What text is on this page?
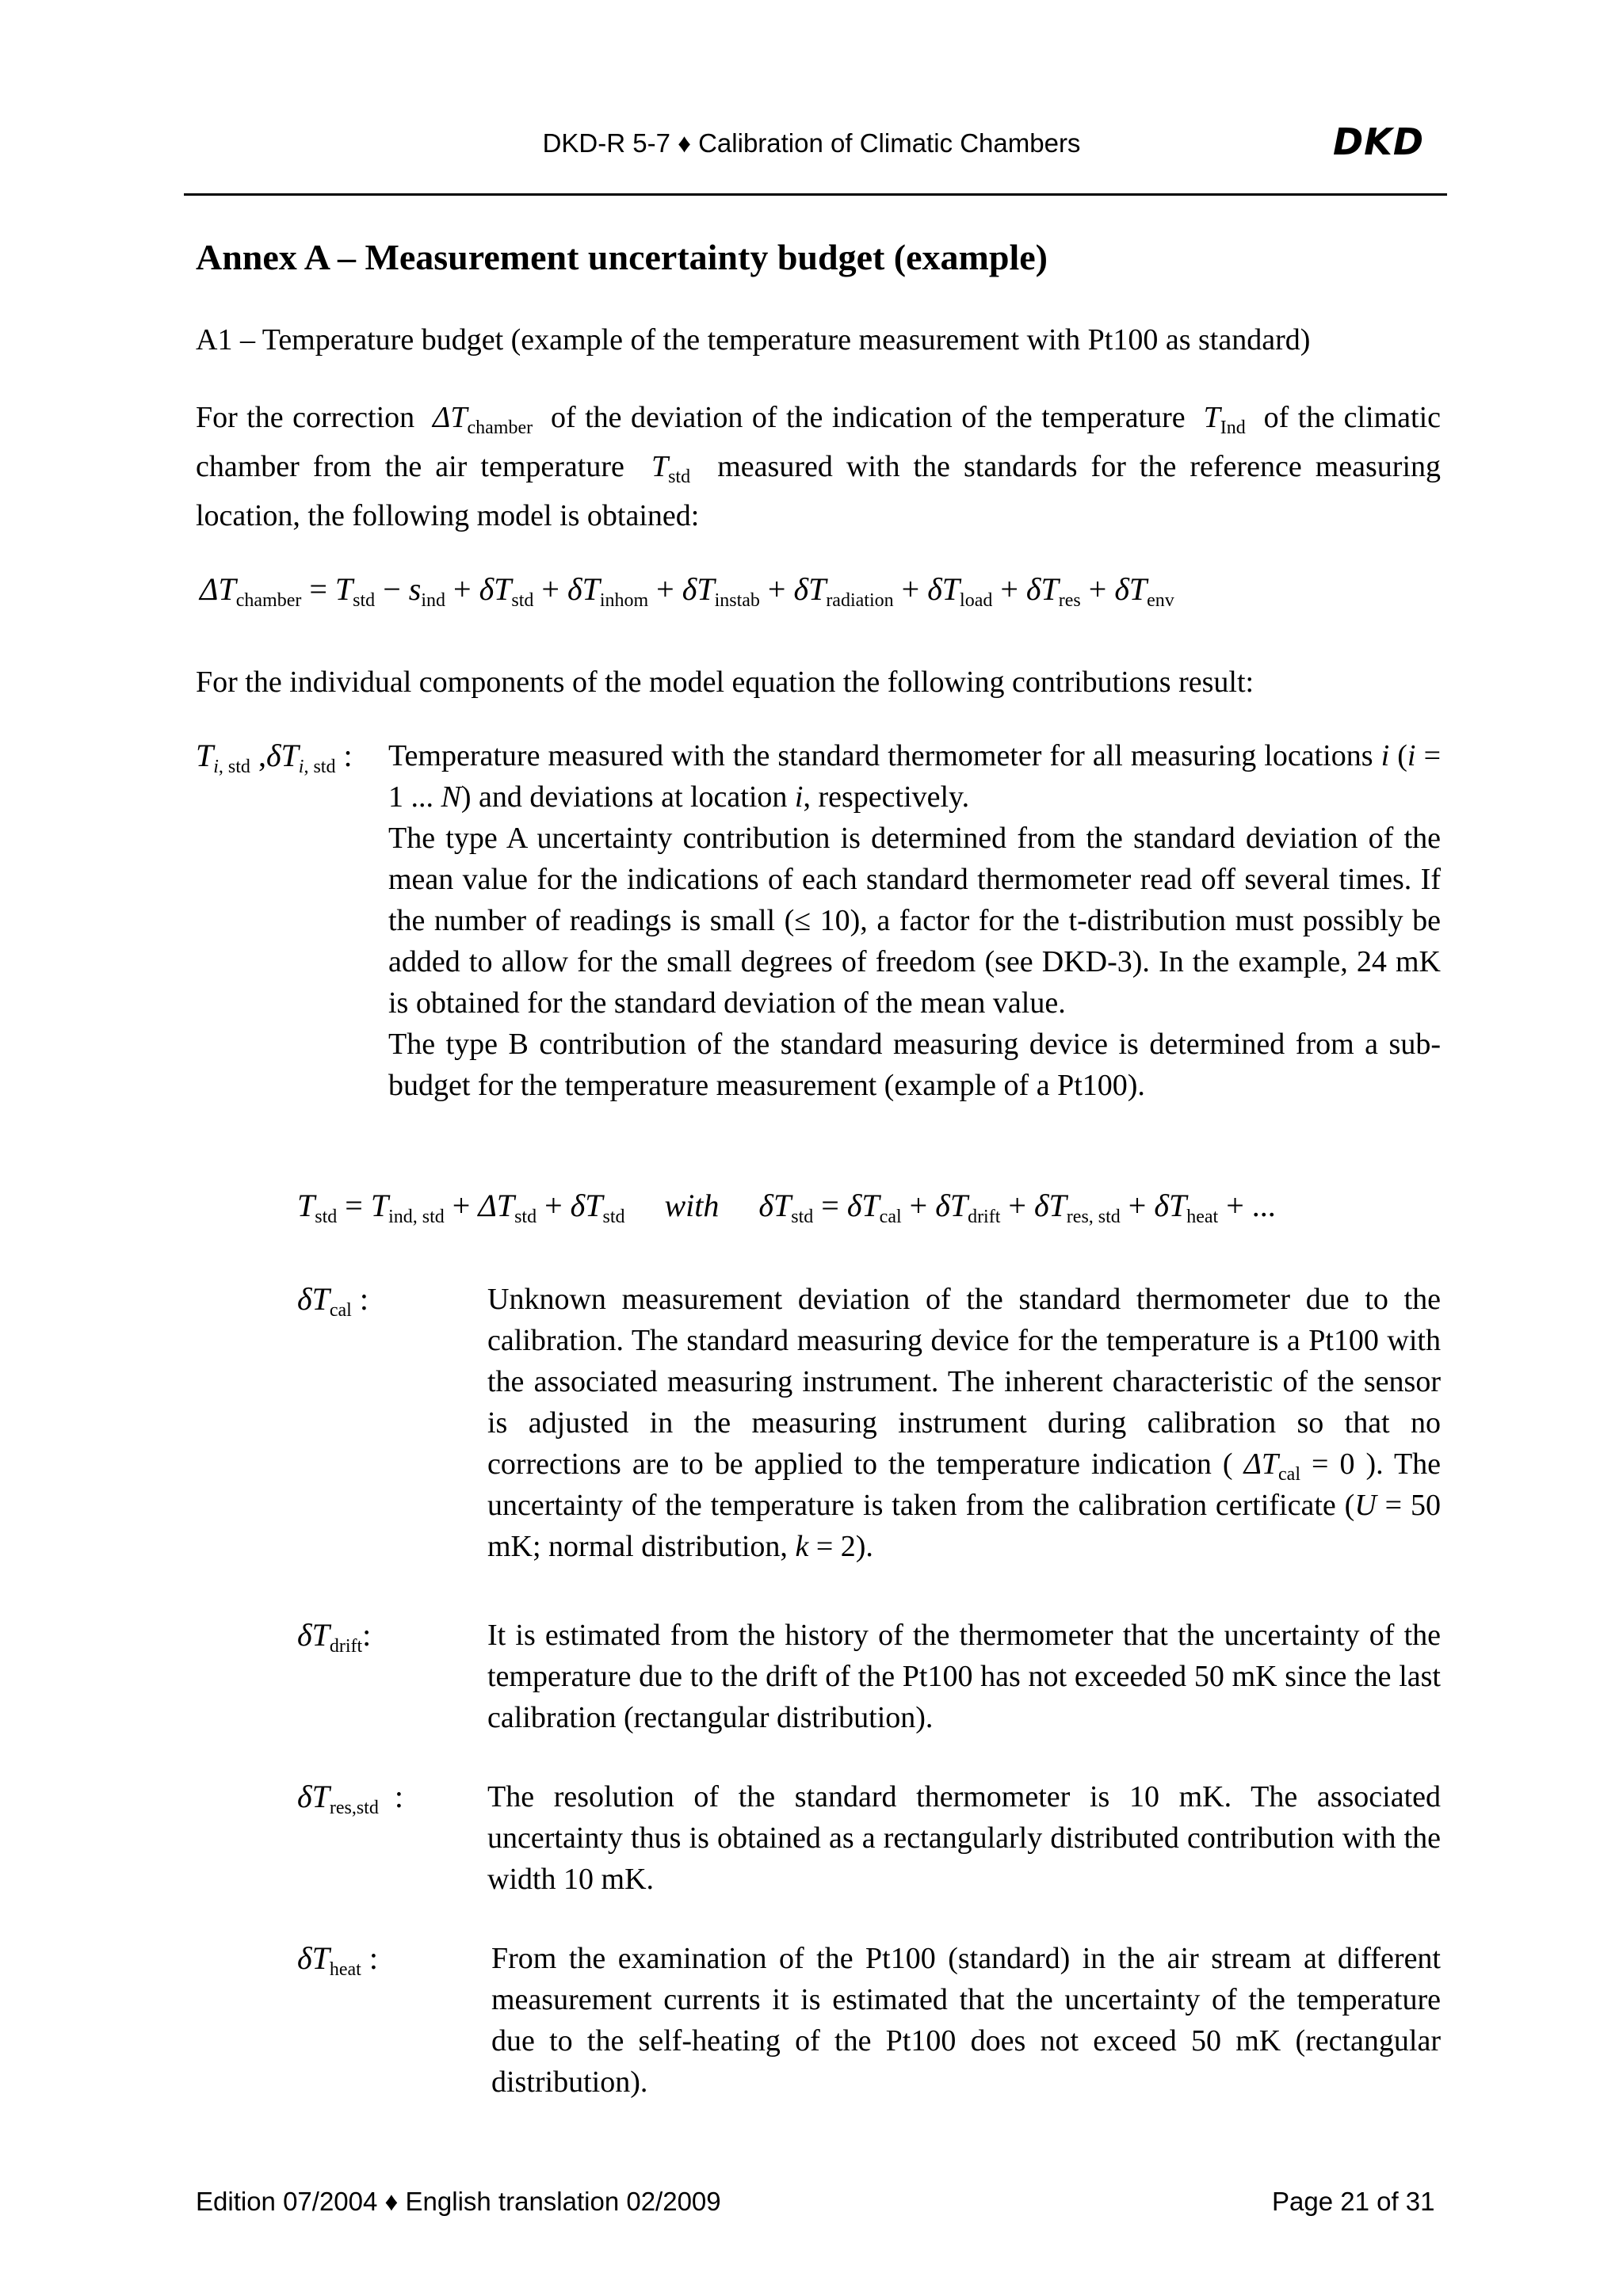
DKD-R 5-7 ♦ Calibration of Climatic Chambers	DKD
Annex A – Measurement uncertainty budget (example)
A1 – Temperature budget (example of the temperature measurement with Pt100 as standard)
For the correction  $\Delta T_{chamber}$ of the deviation of the indication of the temperature  $T_{Ind}$ of the climatic chamber from the air temperature  $T_{std}$ measured with the standards for the reference measuring location, the following model is obtained:
$\Delta T_{chamber} = T_{std} - s_{ind} + \delta T_{std} + \delta T_{inhom} + \delta T_{instab} + \delta T_{radiation} + \delta T_{load} + \delta T_{res} + \delta T_{env}$
For the individual components of the model equation the following contributions result:
$T_{i, std}$ $,\delta T_{i, std}$ : Temperature measured with the standard thermometer for all measuring locations i (i = 1 ... N) and deviations at location i, respectively.

The type A uncertainty contribution is determined from the standard deviation of the mean value for the indications of each standard thermometer read off several times. If the number of readings is small (≤ 10), a factor for the t-distribution must possibly be added to allow for the small degrees of freedom (see DKD-3). In the example, 24 mK is obtained for the standard deviation of the mean value.

The type B contribution of the standard measuring device is determined from a sub-budget for the temperature measurement (example of a Pt100).

$T_{std} = T_{ind, std} + \Delta T_{std} + \delta T_{std}$ with $\delta T_{std} = \delta T_{cal} + \delta T_{drift} + \delta T_{res, std} + \delta T_{heat}$ + ...
$\delta T_{cal}$ :	Unknown measurement deviation of the standard thermometer due to the calibration. The standard measuring device for the temperature is a Pt100 with the associated measuring instrument. The inherent characteristic of the sensor is adjusted in the measuring instrument during calibration so that no corrections are to be applied to the temperature indication ( $\Delta T_{cal} = 0$ ). The uncertainty of the temperature is taken from the calibration certificate (U = 50 mK; normal distribution, k = 2).

$\delta T_{drift}$:	It is estimated from the history of the thermometer that the uncertainty of the temperature due to the drift of the Pt100 has not exceeded 50 mK since the last calibration (rectangular distribution).
$\delta T_{res,std}$  :	The resolution of the standard thermometer is 10 mK. The associated uncertainty thus is obtained as a rectangularly distributed contribution with the width 10 mK.
$\delta T_{heat}$ :	From the examination of the Pt100 (standard) in the air stream at different measurement currents it is estimated that the uncertainty of the temperature due to the self-heating of the Pt100 does not exceed 50 mK (rectangular distribution).
Edition 07/2004 ♦ English translation 02/2009	Page 21 of 31
